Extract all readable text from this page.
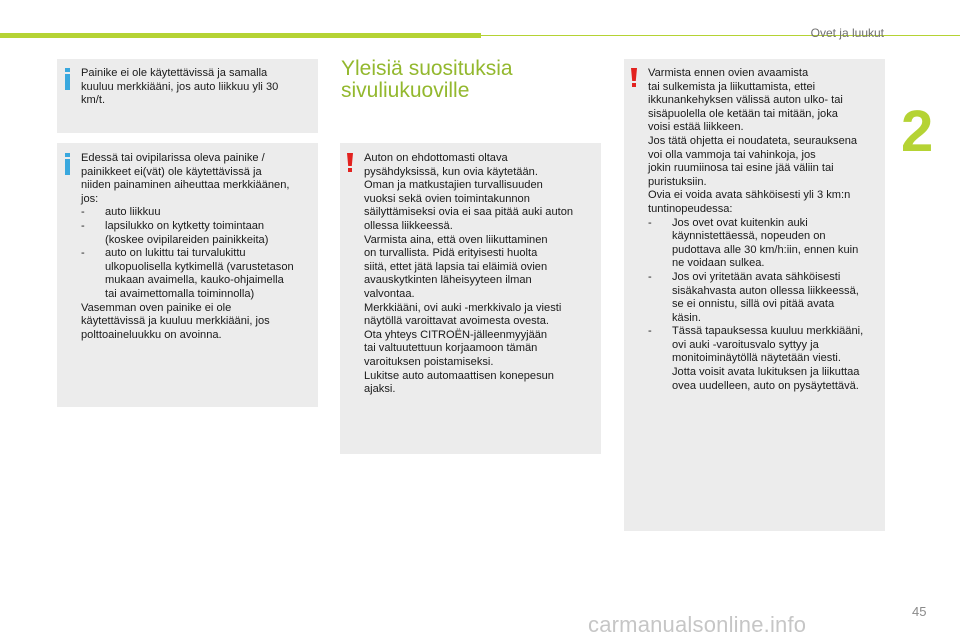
Ovet ja luukut
2

Painike ei ole käytettävissä ja samalla

kuuluu merkkiääni, jos auto liikkuu yli 30

km/t.

Edessä tai ovipilarissa oleva painike /

painikkeet ei(vät) ole käytettävissä ja

niiden painaminen aiheuttaa merkkiäänen,

jos:

-	auto liikkuu

-	lapsilukko on kytketty toimintaan

(koskee ovipilareiden painikkeita)

-	auto on lukittu tai turvalukittu

ulkopuolisella kytkimellä (varustetason

mukaan avaimella, kauko-ohjaimella

tai avaimettomalla toiminnolla)

Vasemman oven painike ei ole

käytettävissä ja kuuluu merkkiääni, jos

polttoaineluukku on avoinna.

Yleisiä suosituksia
sivuliukuoville

Auton on ehdottomasti oltava

pysähdyksissä, kun ovia käytetään.

Oman ja matkustajien turvallisuuden

vuoksi sekä ovien toimintakunnon

säilyttämiseksi ovia ei saa pitää auki auton

ollessa liikkeessä.

Varmista aina, että oven liikuttaminen

on turvallista. Pidä erityisesti huolta

siitä, ettet jätä lapsia tai eläimiä ovien

avauskytkinten läheisyyteen ilman

valvontaa.

Merkkiääni, ovi auki -merkkivalo ja viesti

näytöllä varoittavat avoimesta ovesta.

Ota yhteys CITROËN-jälleenmyyjään

tai valtuutettuun korjaamoon tämän

varoituksen poistamiseksi.

Lukitse auto automaattisen konepesun

ajaksi.

Varmista ennen ovien avaamista

tai sulkemista ja liikuttamista, ettei

ikkunankehyksen välissä auton ulko- tai

sisäpuolella ole ketään tai mitään, joka

voisi estää liikkeen.

Jos tätä ohjetta ei noudateta, seurauksena

voi olla vammoja tai vahinkoja, jos

jokin ruumiinosa tai esine jää väliin tai

puristuksiin.

Ovia ei voida avata sähköisesti yli 3 km:n

tuntinopeudessa:

-	Jos ovet ovat kuitenkin auki

käynnistettäessä, nopeuden on

pudottava alle 30 km/h:iin, ennen kuin

ne voidaan sulkea.

-	Jos ovi yritetään avata sähköisesti

sisäkahvasta auton ollessa liikkeessä,

se ei onnistu, sillä ovi pitää avata

käsin.

-	Tässä tapauksessa kuuluu merkkiääni,

ovi auki -varoitusvalo syttyy ja

monitoiminäytöllä näytetään viesti.

Jotta voisit avata lukituksen ja liikuttaa

ovea uudelleen, auto on pysäytettävä.

45
carmanualsonline.info
